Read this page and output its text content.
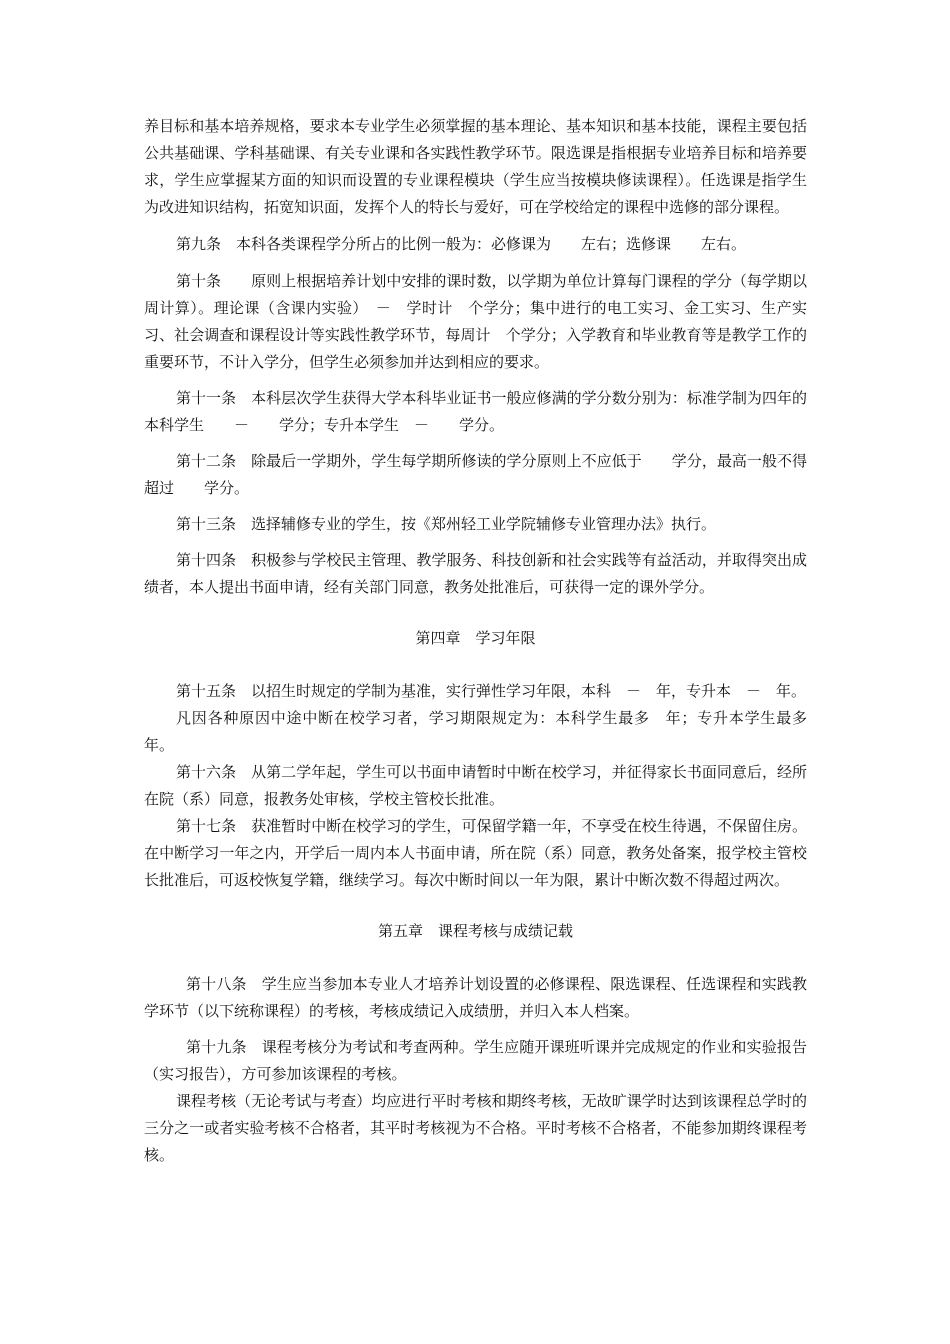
养目标和基本培养规格，要求本专业学生必须掌握的基本理论、基本知识和基本技能，课程主要包括公共基础课、学科基础课、有关专业课和各实践性教学环节。限选课是指根据专业培养目标和培养要求，学生应掌握某方面的知识而设置的专业课程模块（学生应当按模块修读课程）。任选课是指学生为改进知识结构，拓宽知识面，发挥个人的特长与爱好，可在学校给定的课程中选修的部分课程。

第九条　本科各类课程学分所占的比例一般为：必修课为　　左右；选修课　　左右。

第十条　　原则上根据培养计划中安排的课时数，以学期为单位计算每门课程的学分（每学期以　　周计算）。理论课（含课内实验）　－　学时计　个学分；集中进行的电工实习、金工实习、生产实习、社会调查和课程设计等实践性教学环节，每周计　个学分；入学教育和毕业教育等是教学工作的重要环节，不计入学分，但学生必须参加并达到相应的要求。

第十一条　本科层次学生获得大学本科毕业证书一般应修满的学分数分别为：标准学制为四年的本科学生　　－　　学分；专升本学生　－　　学分。

第十二条　除最后一学期外，学生每学期所修读的学分原则上不应低于　　学分，最高一般不得超过　　学分。

第十三条　选择辅修专业的学生，按《郑州轻工业学院辅修专业管理办法》执行。

第十四条　积极参与学校民主管理、教学服务、科技创新和社会实践等有益活动，并取得突出成绩者，本人提出书面申请，经有关部门同意，教务处批准后，可获得一定的课外学分。

第四章　学习年限

第十五条　以招生时规定的学制为基准，实行弹性学习年限，本科　－　年，专升本　－　年。

凡因各种原因中途中断在校学习者，学习期限规定为：本科学生最多　年；专升本学生最多　年。

第十六条　从第二学年起，学生可以书面申请暂时中断在校学习，并征得家长书面同意后，经所在院（系）同意，报教务处审核，学校主管校长批准。

第十七条　获准暂时中断在校学习的学生，可保留学籍一年，不享受在校生待遇，不保留住房。在中断学习一年之内，开学后一周内本人书面申请，所在院（系）同意，教务处备案，报学校主管校长批准后，可返校恢复学籍，继续学习。每次中断时间以一年为限，累计中断次数不得超过两次。

第五章　课程考核与成绩记载

第十八条　学生应当参加本专业人才培养计划设置的必修课程、限选课程、任选课程和实践教学环节（以下统称课程）的考核，考核成绩记入成绩册，并归入本人档案。

第十九条　课程考核分为考试和考查两种。学生应随开课班听课并完成规定的作业和实验报告（实习报告），方可参加该课程的考核。

课程考核（无论考试与考查）均应进行平时考核和期终考核，无故旷课学时达到该课程总学时的三分之一或者实验考核不合格者，其平时考核视为不合格。平时考核不合格者，不能参加期终课程考核。
